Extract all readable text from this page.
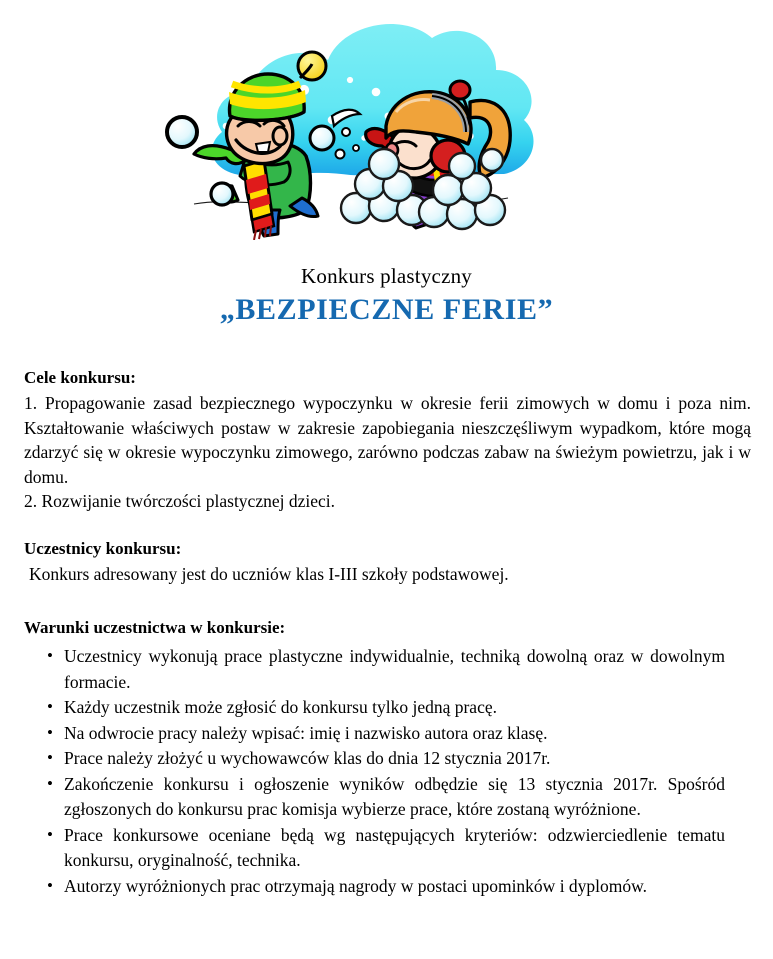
Konkurs plastyczny
„BEZPIECZNE FERIE”
Cele konkursu:
1. Propagowanie zasad bezpiecznego wypoczynku w okresie ferii zimowych w domu i poza nim. Kształtowanie właściwych postaw w zakresie zapobiegania nieszczęśliwym wypadkom, które mogą zdarzyć się w okresie wypoczynku zimowego, zarówno podczas zabaw na świeżym powietrzu, jak i w domu.
2. Rozwijanie twórczości plastycznej dzieci.
Uczestnicy konkursu:
Konkurs adresowany jest do uczniów klas I-III szkoły podstawowej.
Warunki uczestnictwa w konkursie:
• Uczestnicy wykonują prace plastyczne indywidualnie, techniką dowolną oraz w dowolnym formacie.
• Każdy uczestnik może zgłosić do konkursu tylko jedną pracę.
• Na odwrocie pracy należy wpisać: imię i nazwisko autora oraz klasę.
• Prace należy złożyć u wychowawców klas do dnia 12 stycznia 2017r.
• Zakończenie konkursu i ogłoszenie wyników odbędzie się 13 stycznia 2017r. Spośród zgłoszonych do konkursu prac komisja wybierze prace, które zostaną wyróżnione.
• Prace konkursowe oceniane będą wg następujących kryteriów: odzwierciedlenie tematu konkursu, oryginalność, technika.
• Autorzy wyróżnionych prac otrzymają nagrody w postaci upominków i dyplomów.
